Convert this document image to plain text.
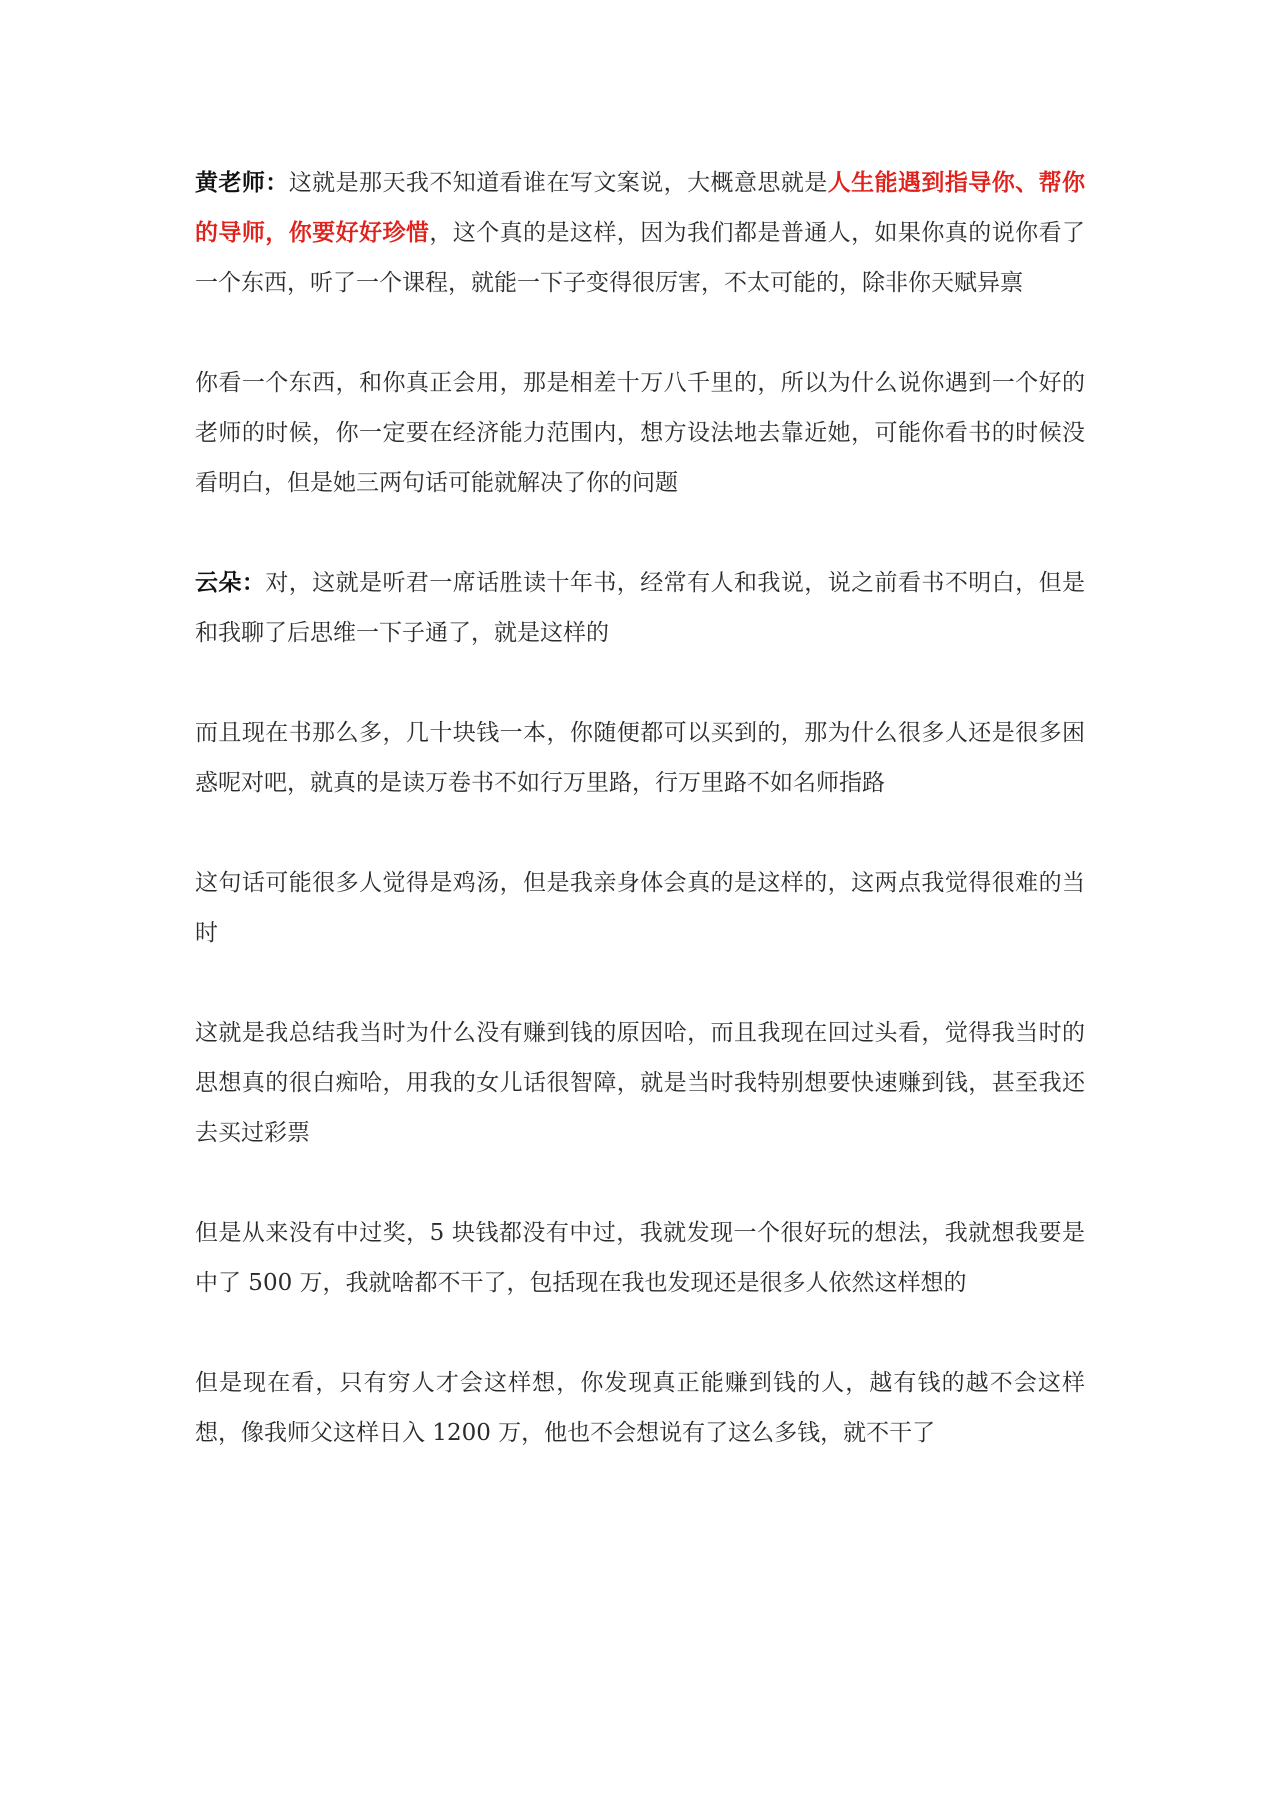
黄老师：这就是那天我不知道看谁在写文案说，大概意思就是人生能遇到指导你、帮你的导师，你要好好珍惜，这个真的是这样，因为我们都是普通人，如果你真的说你看了一个东西，听了一个课程，就能一下子变得很厉害，不太可能的，除非你天赋异禀

你看一个东西，和你真正会用，那是相差十万八千里的，所以为什么说你遇到一个好的老师的时候，你一定要在经济能力范围内，想方设法地去靠近她，可能你看书的时候没看明白，但是她三两句话可能就解决了你的问题

云朵：对，这就是听君一席话胜读十年书，经常有人和我说，说之前看书不明白，但是和我聊了后思维一下子通了，就是这样的

而且现在书那么多，几十块钱一本，你随便都可以买到的，那为什么很多人还是很多困惑呢对吧，就真的是读万卷书不如行万里路，行万里路不如名师指路

这句话可能很多人觉得是鸡汤，但是我亲身体会真的是这样的，这两点我觉得很难的当时

这就是我总结我当时为什么没有赚到钱的原因哈，而且我现在回过头看，觉得我当时的思想真的很白痴哈，用我的女儿话很智障，就是当时我特别想要快速赚到钱，甚至我还去买过彩票

但是从来没有中过奖，5 块钱都没有中过，我就发现一个很好玩的想法，我就想我要是中了 500 万，我就啥都不干了，包括现在我也发现还是很多人依然这样想的

但是现在看，只有穷人才会这样想，你发现真正能赚到钱的人，越有钱的越不会这样想，像我师父这样日入 1200 万，他也不会想说有了这么多钱，就不干了
